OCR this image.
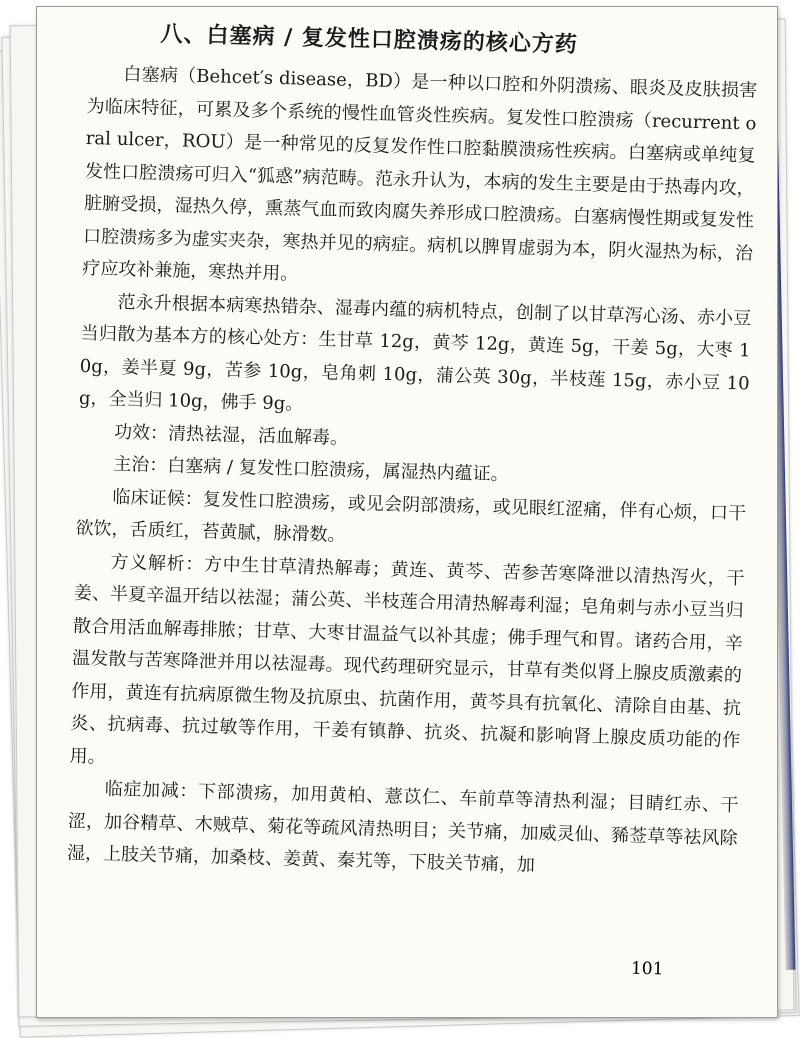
八、白塞病 / 复发性口腔溃疡的核心方药

白塞病（Behcet′s disease，BD）是一种以口腔和外阴溃疡、眼炎及皮肤损害为临床特征，可累及多个系统的慢性血管炎性疾病。复发性口腔溃疡（recurrent oral ulcer，ROU）是一种常见的反复发作性口腔黏膜溃疡性疾病。白塞病或单纯复发性口腔溃疡可归入“狐惑”病范畴。范永升认为，本病的发生主要是由于热毒内攻，脏腑受损，湿热久停，熏蒸气血而致肉腐失养形成口腔溃疡。白塞病慢性期或复发性口腔溃疡多为虚实夹杂，寒热并见的病症。病机以脾胃虚弱为本，阴火湿热为标，治疗应攻补兼施，寒热并用。

范永升根据本病寒热错杂、湿毒内蕴的病机特点，创制了以甘草泻心汤、赤小豆当归散为基本方的核心处方：生甘草 12g，黄芩 12g，黄连 5g，干姜 5g，大枣 10g，姜半夏 9g，苦参 10g，皂角刺 10g，蒲公英 30g，半枝莲 15g，赤小豆 10g，全当归 10g，佛手 9g。

功效：清热祛湿，活血解毒。

主治：白塞病 / 复发性口腔溃疡，属湿热内蕴证。

临床证候：复发性口腔溃疡，或见会阴部溃疡，或见眼红涩痛，伴有心烦，口干欲饮，舌质红，苔黄腻，脉滑数。

方义解析：方中生甘草清热解毒；黄连、黄芩、苦参苦寒降泄以清热泻火，干姜、半夏辛温开结以祛湿；蒲公英、半枝莲合用清热解毒利湿；皂角刺与赤小豆当归散合用活血解毒排脓；甘草、大枣甘温益气以补其虚；佛手理气和胃。诸药合用，辛温发散与苦寒降泄并用以祛湿毒。现代药理研究显示，甘草有类似肾上腺皮质激素的作用，黄连有抗病原微生物及抗原虫、抗菌作用，黄芩具有抗氧化、清除自由基、抗炎、抗病毒、抗过敏等作用，干姜有镇静、抗炎、抗凝和影响肾上腺皮质功能的作用。

临症加减：下部溃疡，加用黄柏、薏苡仁、车前草等清热利湿；目睛红赤、干涩，加谷精草、木贼草、菊花等疏风清热明目；关节痛，加威灵仙、豨莶草等祛风除湿，上肢关节痛，加桑枝、姜黄、秦艽等，下肢关节痛，加

101
